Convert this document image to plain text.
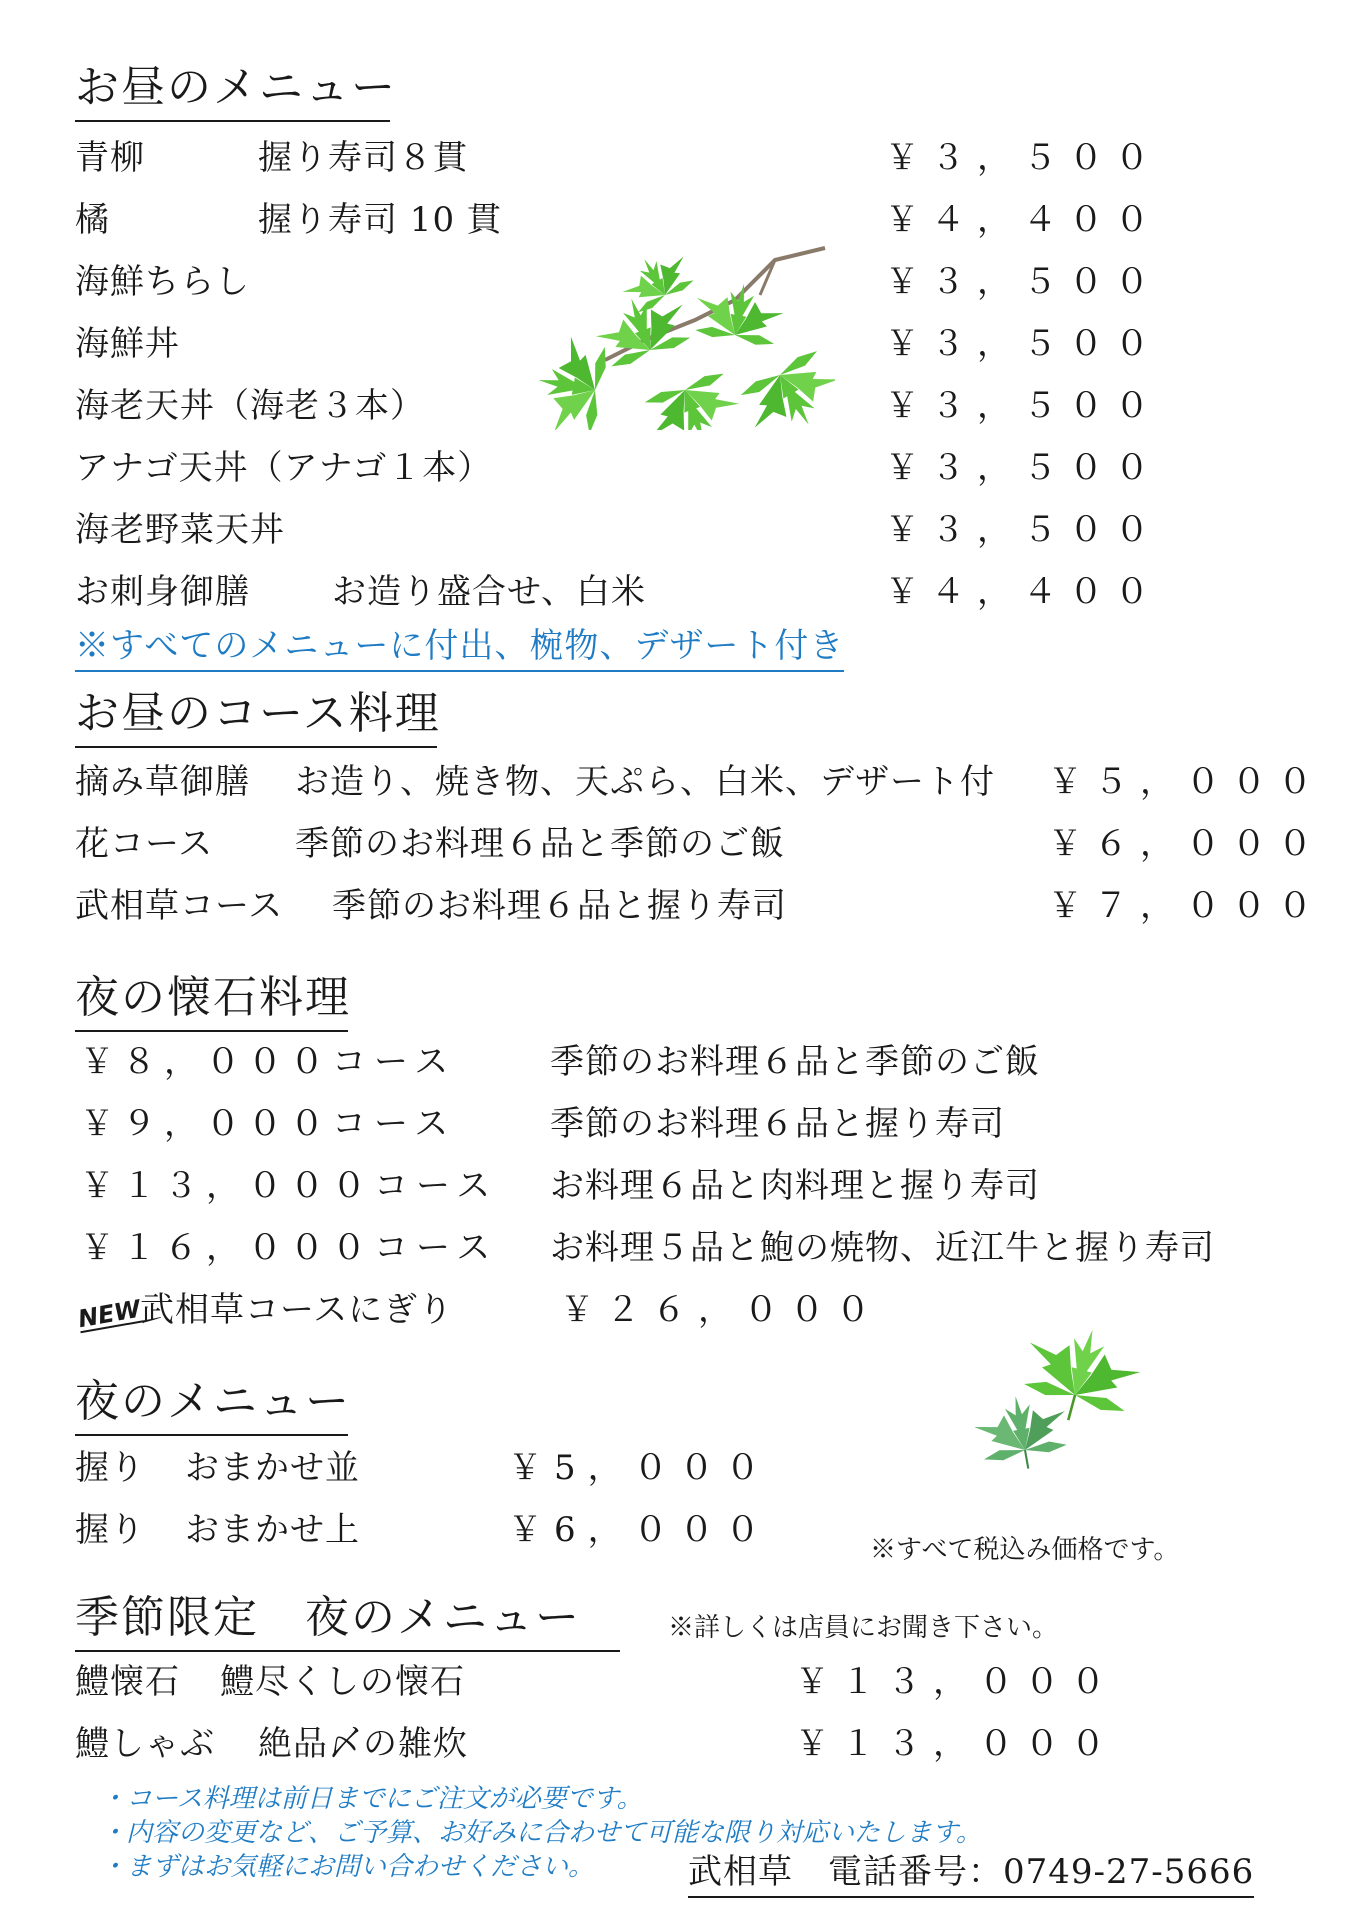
お昼のメニュー
青柳	握り寿司８貫	￥３，５００
橘	握り寿司 10 貫	￥４，４００
海鮮ちらし	￥３，５００
海鮮丼	￥３，５００
海老天丼（海老３本）	￥３，５００
アナゴ天丼（アナゴ１本）	￥３，５００
海老野菜天丼	￥３，５００
お刺身御膳 お造り盛合せ、白米	￥４，４００
※すべてのメニューに付出、椀物、デザート付き
お昼のコース料理
摘み草御膳 お造り、焼き物、天ぷら、白米、デザート付 ￥５，０００
花コース 季節のお料理６品と季節のご飯	￥６，０００
武相草コース 季節のお料理６品と握り寿司	￥７，０００
夜の懐石料理
￥８，０００コース	季節のお料理６品と季節のご飯
￥９，０００コース	季節のお料理６品と握り寿司
￥１３，０００コース お料理６品と肉料理と握り寿司
￥１６，０００コース お料理５品と鮑の焼物、近江牛と握り寿司
NEW
武相草コースにぎり	￥２６，０００
夜のメニュー
握り おまかせ並	￥5，０００
握り おまかせ上	￥6，０００	※すべて税込み価格です。
季節限定　夜のメニュー	※詳しくは店員にお聞き下さい。
鱧懐石 鱧尽くしの懐石	￥１３，０００
鱧しゃぶ 絶品〆の雑炊	￥１３，０００
・コース料理は前日までにご注文が必要です。
・内容の変更など、ご予算、お好みに合わせて可能な限り対応いたします。
・まずはお気軽にお問い合わせください。	武相草　電話番号：0749-27-5666
